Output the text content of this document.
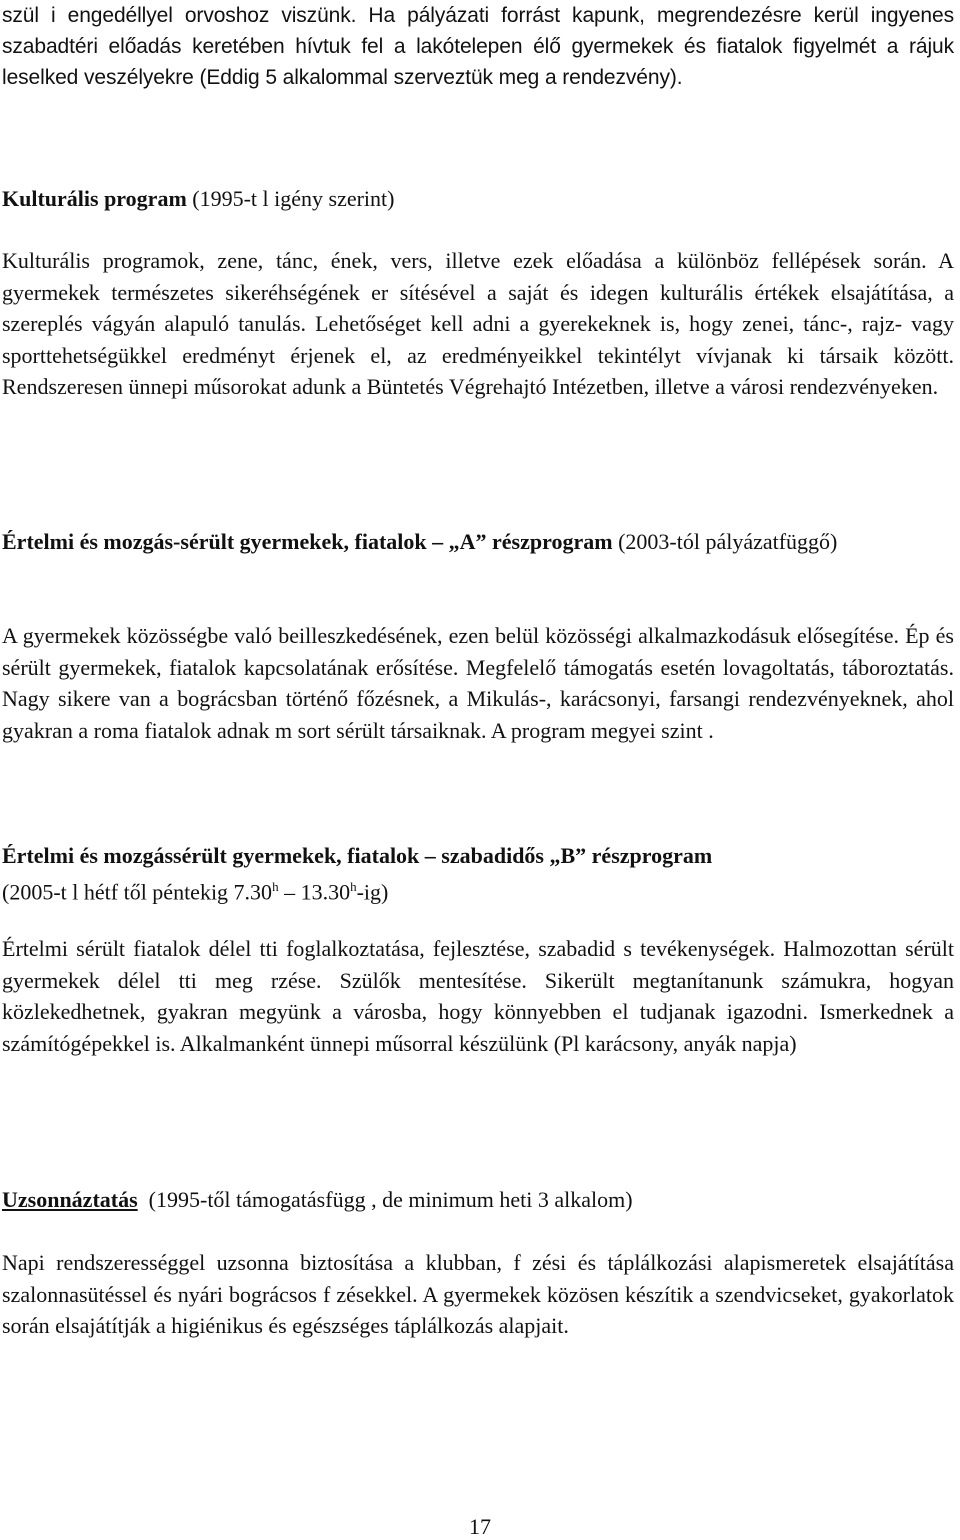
szül i engedéllyel orvoshoz viszünk. Ha pályázati forrást kapunk, megrendezésre kerül ingyenes szabadtéri előadás keretében hívtuk fel a lakótelepen élő gyermekek és fiatalok figyelmét a rájuk leselked veszélyekre (Eddig 5 alkalommal szerveztük meg a rendezvény).

Kulturális program (1995-t l igény szerint)

Kulturális programok, zene, tánc, ének, vers, illetve ezek előadása a különböz fellépések során. A gyermekek természetes sikeréhségének er sítésével a saját és idegen kulturális értékek elsajátítása, a szereplés vágyán alapuló tanulás. Lehetőséget kell adni a gyerekeknek is, hogy zenei, tánc-, rajz- vagy sporttehetségükkel eredményt érjenek el, az eredményeikkel tekintélyt vívjanak ki társaik között. Rendszeresen ünnepi műsorokat adunk a Büntetés Végrehajtó Intézetben, illetve a városi rendezvényeken.

Értelmi és mozgás-sérült gyermekek, fiatalok – „A” részprogram (2003-tól pályázatfüggő)

A gyermekek közösségbe való beilleszkedésének, ezen belül közösségi alkalmazkodásuk elősegítése. Ép és sérült gyermekek, fiatalok kapcsolatának erősítése. Megfelelő támogatás esetén lovagoltatás, táboroztatás. Nagy sikere van a bográcsban történő főzésnek, a Mikulás-, karácsonyi, farsangi rendezvényeknek, ahol gyakran a roma fiatalok adnak m sort sérült társaiknak. A program megyei szint .

Értelmi és mozgássérült gyermekek, fiatalok – szabadidős „B” részprogram
(2005-t l hétf től péntekig 7.30$^h$ – 13.30$^h$-ig)

Értelmi sérült fiatalok délel tti foglalkoztatása, fejlesztése, szabadid s tevékenységek. Halmozottan sérült gyermekek délel tti meg rzése. Szülők mentesítése. Sikerült megtanítanunk számukra, hogyan közlekedhetnek, gyakran megyünk a városba, hogy könnyebben el tudjanak igazodni. Ismerkednek a számítógépekkel is. Alkalmanként ünnepi műsorral készülünk (Pl karácsony, anyák napja)

Uzsonnáztatás  (1995-től támogatásfügg , de minimum heti 3 alkalom)

Napi rendszerességgel uzsonna biztosítása a klubban, f zési és táplálkozási alapismeretek elsajátítása szalonnasütéssel és nyári bográcsos f zésekkel. A gyermekek közösen készítik a szendvicseket, gyakorlatok során elsajátítják a higiénikus és egészséges táplálkozás alapjait.

17
